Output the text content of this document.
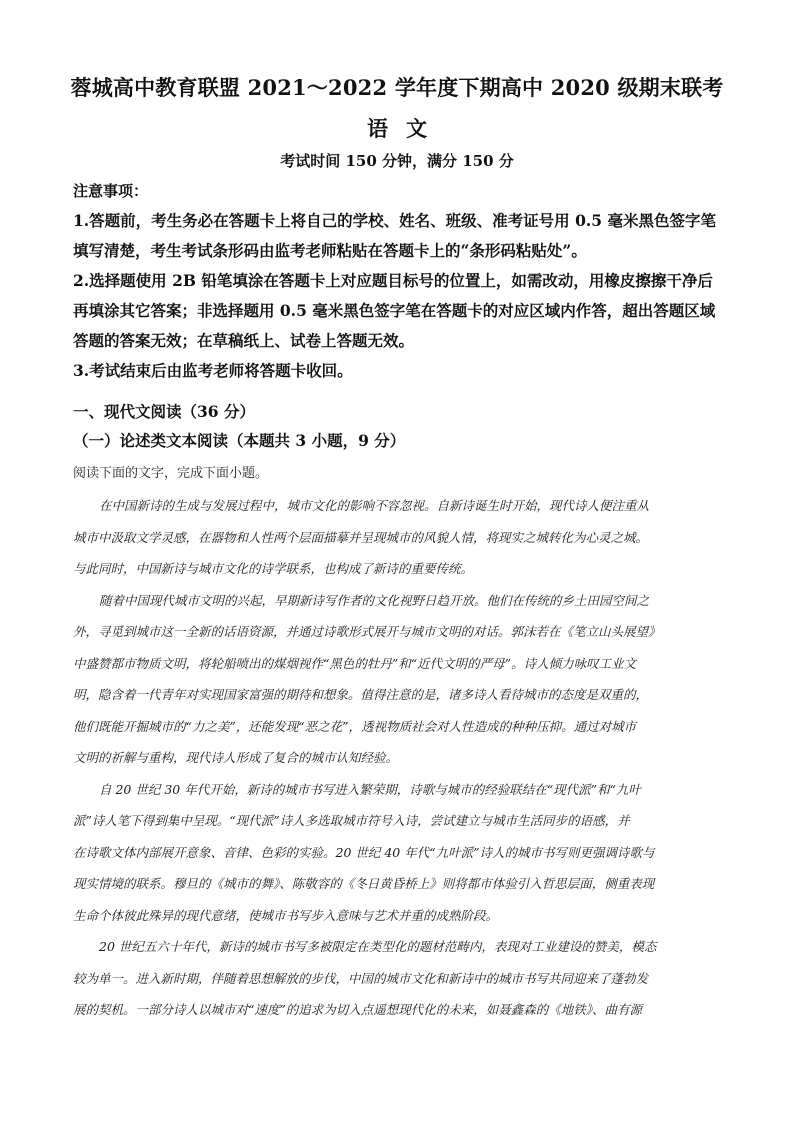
蓉城高中教育联盟 2021～2022 学年度下期高中 2020 级期末联考
语文
考试时间 150 分钟，满分 150 分
注意事项：
1.答题前，考生务必在答题卡上将自己的学校、姓名、班级、准考证号用 0.5 毫米黑色签字笔
填写清楚，考生考试条形码由监考老师粘贴在答题卡上的“条形码粘贴处”。
2.选择题使用 2B 铅笔填涂在答题卡上对应题目标号的位置上，如需改动，用橡皮擦擦干净后
再填涂其它答案；非选择题用 0.5 毫米黑色签字笔在答题卡的对应区域内作答，超出答题区域
答题的答案无效；在草稿纸上、试卷上答题无效。
3.考试结束后由监考老师将答题卡收回。
一、现代文阅读（36 分）
（一）论述类文本阅读（本题共 3 小题，9 分）
阅读下面的文字，完成下面小题。
在中国新诗的生成与发展过程中，城市文化的影响不容忽视。自新诗诞生时开始，现代诗人便注重从
城市中汲取文学灵感，在器物和人性两个层面描摹并呈现城市的风貌人情，将现实之城转化为心灵之城。
与此同时，中国新诗与城市文化的诗学联系，也构成了新诗的重要传统。
随着中国现代城市文明的兴起，早期新诗写作者的文化视野日趋开放。他们在传统的乡土田园空间之
外，寻觅到城市这一全新的话语资源，并通过诗歌形式展开与城市文明的对话。郭沫若在《笔立山头展望》
中盛赞都市物质文明，将轮船喷出的煤烟视作“黑色的牡丹”和“近代文明的严母”。诗人倾力咏叹工业文
明，隐含着一代青年对实现国家富强的期待和想象。值得注意的是，诸多诗人看待城市的态度是双重的，
他们既能开掘城市的“力之美”，还能发现“恶之花”，透视物质社会对人性造成的种种压抑。通过对城市
文明的祈解与重构，现代诗人形成了复合的城市认知经验。
自 20 世纪 30 年代开始，新诗的城市书写进入繁荣期，诗歌与城市的经验联结在“现代派”和“九叶
派”诗人笔下得到集中呈现。“现代派”诗人多选取城市符号入诗，尝试建立与城市生活同步的语感，并
在诗歌文体内部展开意象、音律、色彩的实验。20 世纪 40 年代“九叶派”诗人的城市书写则更强调诗歌与
现实情境的联系。穆旦的《城市的舞》、陈敬容的《冬日黄昏桥上》则将都市体验引入哲思层面，侧重表现
生命个体彼此殊异的现代意绪，使城市书写步入意味与艺术并重的成熟阶段。
20 世纪五六十年代，新诗的城市书写多被限定在类型化的题材范畴内，表现对工业建设的赞美，模态
较为单一。进入新时期，伴随着思想解放的步伐，中国的城市文化和新诗中的城市书写共同迎来了蓬勃发
展的契机。一部分诗人以城市对“速度”的追求为切入点遥想现代化的未来，如聂鑫森的《地铁》、曲有源
